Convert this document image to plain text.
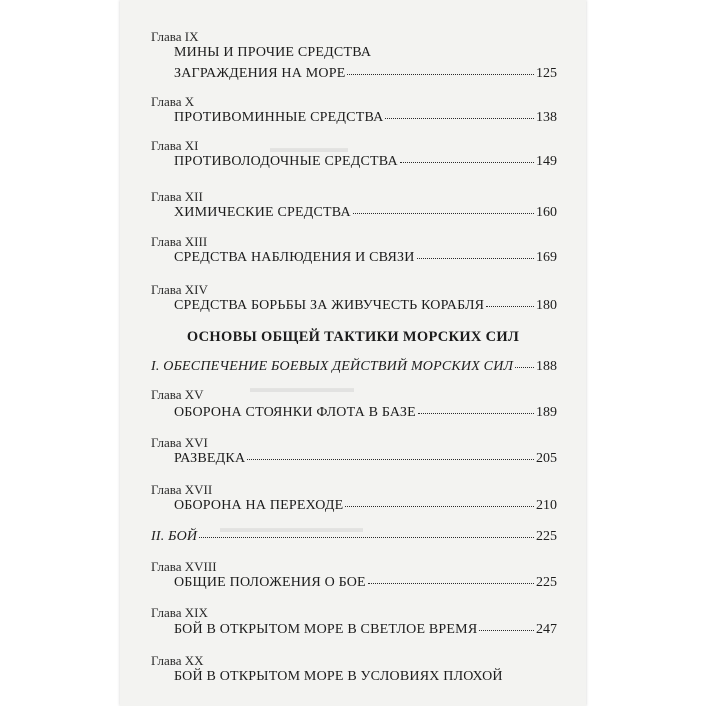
▬▬▬▬▬▬
▬▬▬▬▬▬▬▬
▬▬▬▬▬▬▬▬▬▬▬
Глава IX
МИНЫ И ПРОЧИЕ СРЕДСТВА
ЗАГРАЖДЕНИЯ НА МОРЕ	125
Глава X
ПРОТИВОМИННЫЕ СРЕДСТВА	138
Глава XI
ПРОТИВОЛОДОЧНЫЕ СРЕДСТВА	149
Глава XII
ХИМИЧЕСКИЕ СРЕДСТВА	160
Глава XIII
СРЕДСТВА НАБЛЮДЕНИЯ И СВЯЗИ	169
Глава XIV
СРЕДСТВА БОРЬБЫ ЗА ЖИВУЧЕСТЬ КОРАБЛЯ	180
ОСНОВЫ ОБЩЕЙ ТАКТИКИ МОРСКИХ СИЛ
I. ОБЕСПЕЧЕНИЕ БОЕВЫХ ДЕЙСТВИЙ МОРСКИХ СИЛ 188
Глава XV
ОБОРОНА СТОЯНКИ ФЛОТА В БАЗЕ	189
Глава XVI
РАЗВЕДКА	205
Глава XVII
ОБОРОНА НА ПЕРЕХОДЕ	210
II. БОЙ	225
Глава XVIII
ОБЩИЕ ПОЛОЖЕНИЯ О БОЕ	225
Глава XIX
БОЙ В ОТКРЫТОМ МОРЕ В СВЕТЛОЕ ВРЕМЯ	247
Глава XX
БОЙ В ОТКРЫТОМ МОРЕ В УСЛОВИЯХ ПЛОХОЙ
